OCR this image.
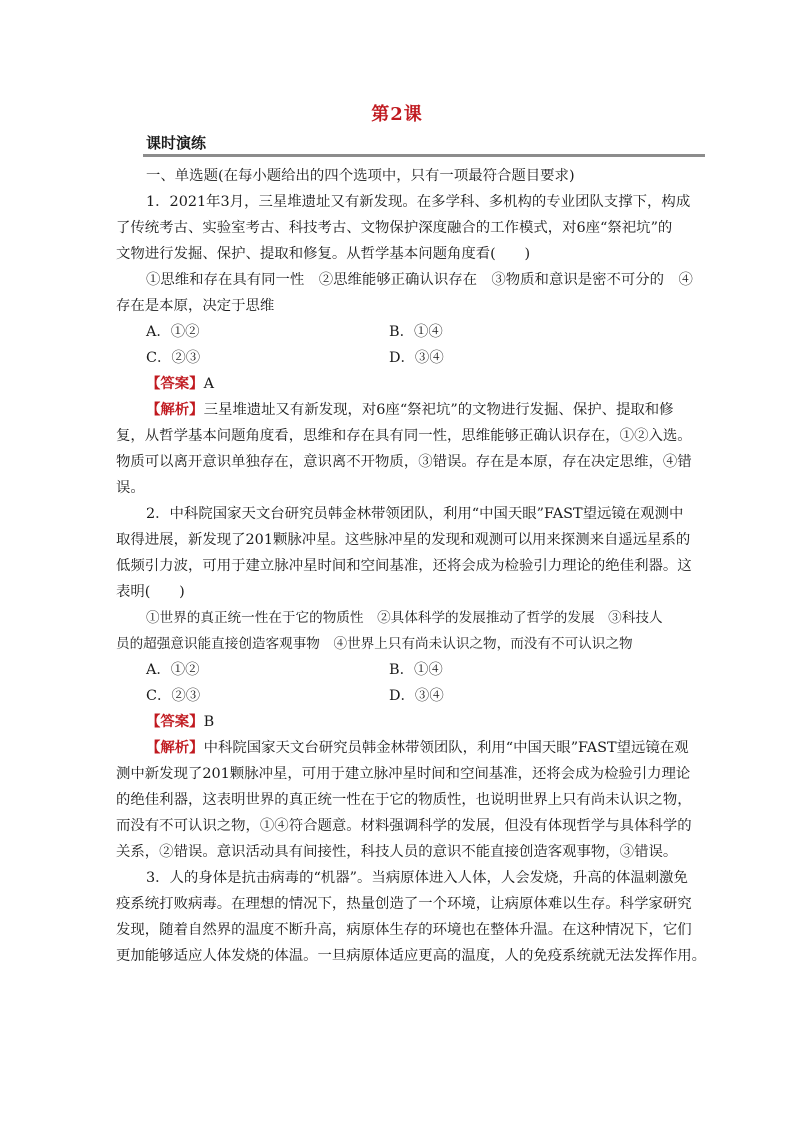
第2课
课时演练
一、单选题(在每小题给出的四个选项中，只有一项最符合题目要求)
1．2021年3月，三星堆遗址又有新发现。在多学科、多机构的专业团队支撑下，构成
了传统考古、实验室考古、科技考古、文物保护深度融合的工作模式，对6座“祭祀坑”的
文物进行发掘、保护、提取和修复。从哲学基本问题角度看(　　)
①思维和存在具有同一性　②思维能够正确认识存在　③物质和意识是密不可分的　④
存在是本原，决定于思维
A．①②	B．①④
C．②③	D．③④
【答案】A
【解析】三星堆遗址又有新发现，对6座“祭祀坑”的文物进行发掘、保护、提取和修
复，从哲学基本问题角度看，思维和存在具有同一性，思维能够正确认识存在，①②入选。
物质可以离开意识单独存在，意识离不开物质，③错误。存在是本原，存在决定思维，④错
误。
2．中科院国家天文台研究员韩金林带领团队，利用“中国天眼”FAST望远镜在观测中
取得进展，新发现了201颗脉冲星。这些脉冲星的发现和观测可以用来探测来自遥远星系的
低频引力波，可用于建立脉冲星时间和空间基准，还将会成为检验引力理论的绝佳利器。这
表明(　　)
①世界的真正统一性在于它的物质性　②具体科学的发展推动了哲学的发展　③科技人
员的超强意识能直接创造客观事物　④世界上只有尚未认识之物，而没有不可认识之物
A．①②	B．①④
C．②③	D．③④
【答案】B
【解析】中科院国家天文台研究员韩金林带领团队，利用“中国天眼”FAST望远镜在观
测中新发现了201颗脉冲星，可用于建立脉冲星时间和空间基准，还将会成为检验引力理论
的绝佳利器，这表明世界的真正统一性在于它的物质性，也说明世界上只有尚未认识之物，
而没有不可认识之物，①④符合题意。材料强调科学的发展，但没有体现哲学与具体科学的
关系，②错误。意识活动具有间接性，科技人员的意识不能直接创造客观事物，③错误。
3．人的身体是抗击病毒的“机器”。当病原体进入人体，人会发烧，升高的体温刺激免
疫系统打败病毒。在理想的情况下，热量创造了一个环境，让病原体难以生存。科学家研究
发现，随着自然界的温度不断升高，病原体生存的环境也在整体升温。在这种情况下，它们
更加能够适应人体发烧的体温。一旦病原体适应更高的温度，人的免疫系统就无法发挥作用。
